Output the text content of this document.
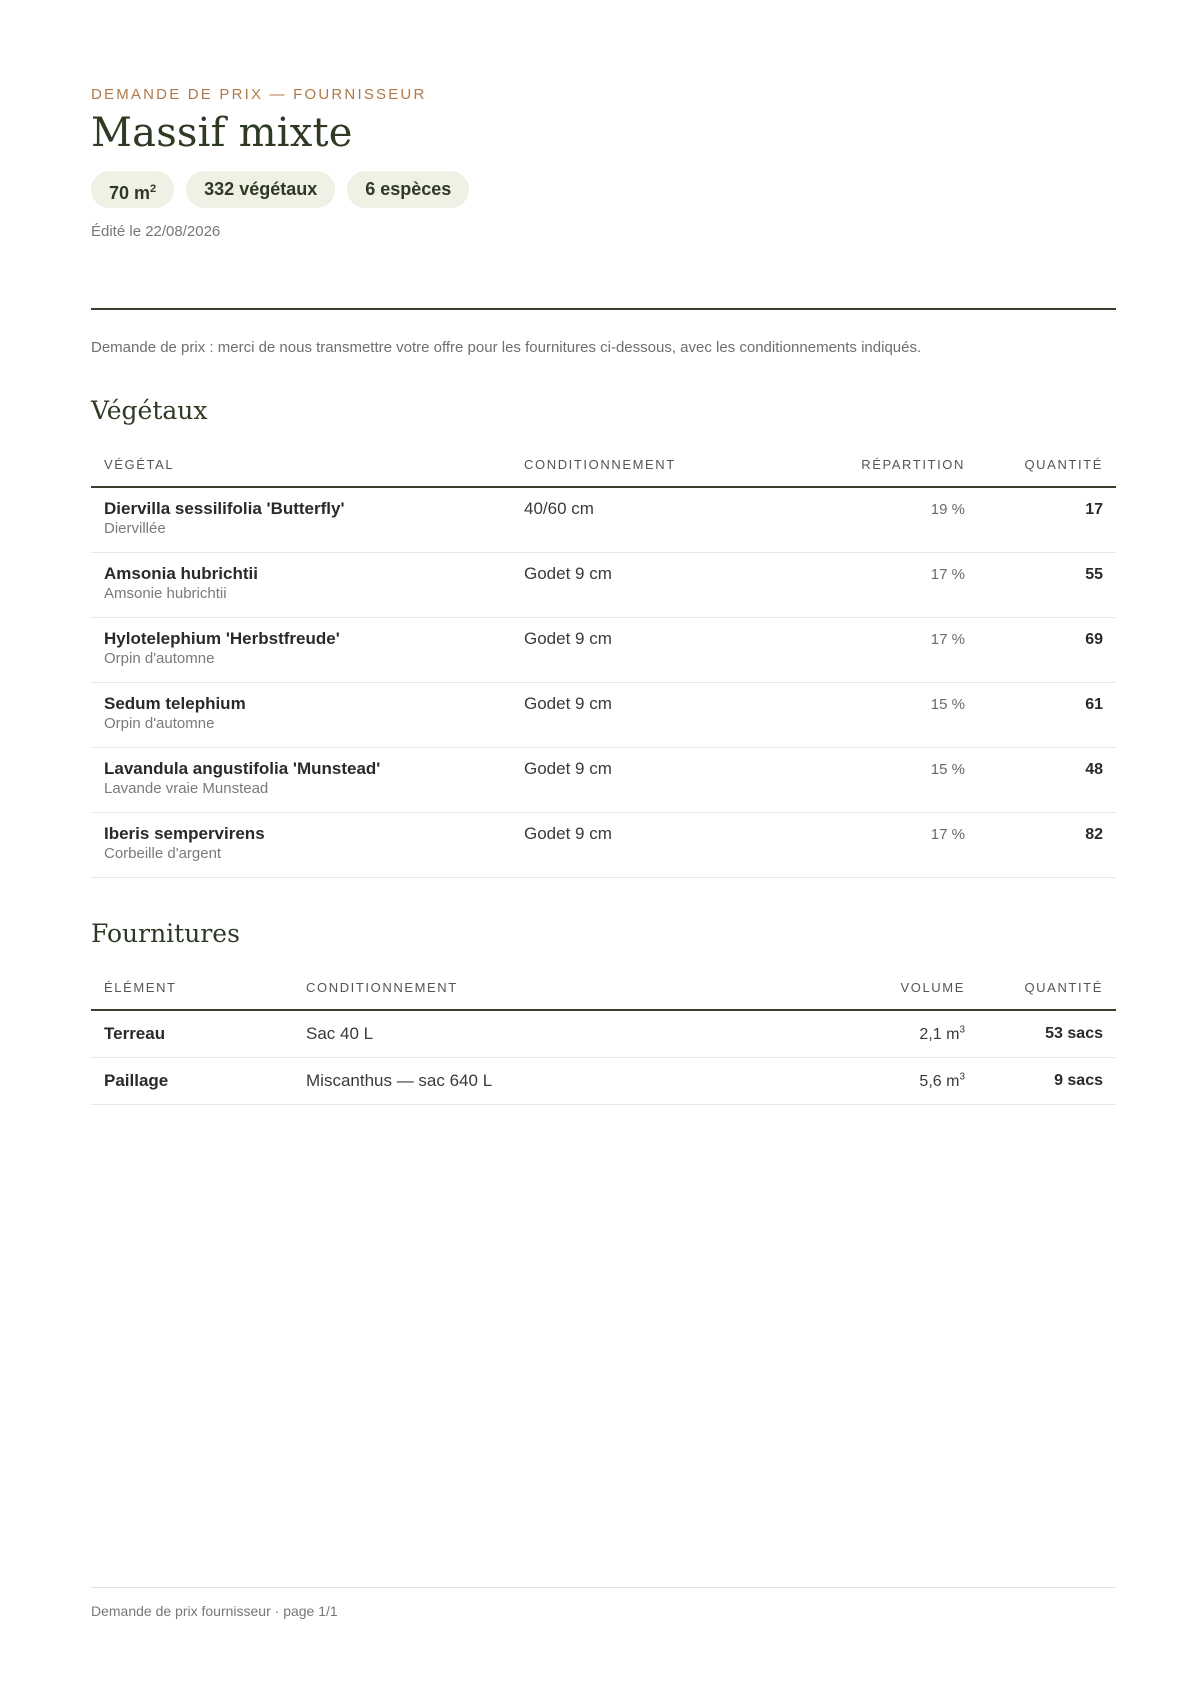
DEMANDE DE PRIX — FOURNISSEUR
Massif mixte
70 $m^2$	332 végétaux	6 espèces
Édité le 22/08/2026
Demande de prix : merci de nous transmettre votre offre pour les fournitures ci-dessous, avec les conditionnements indiqués.
Végétaux
VÉGÉTAL	CONDITIONNEMENT	RÉPARTITION	QUANTITÉ

Diervilla sessilifolia 'Butterfly'
Diervillée	40/60 cm	19 %	17

Amsonia hubrichtii
Amsonie hubrichtii	Godet 9 cm	17 %	55

Hylotelephium 'Herbstfreude'
Orpin d'automne	Godet 9 cm	17 %	69

Sedum telephium
Orpin d'automne	Godet 9 cm	15 %	61

Lavandula angustifolia 'Munstead'
Lavande vraie Munstead	Godet 9 cm	15 %	48

Iberis sempervirens
Corbeille d'argent	Godet 9 cm	17 %	82
Fournitures
ÉLÉMENT	CONDITIONNEMENT	VOLUME	QUANTITÉ
Terreau	Sac 40 L	2,1 $m^3$	53 sacs
Paillage	Miscanthus — sac 640 L	5,6 $m^3$	9 sacs
Demande de prix fournisseur · page 1/1
